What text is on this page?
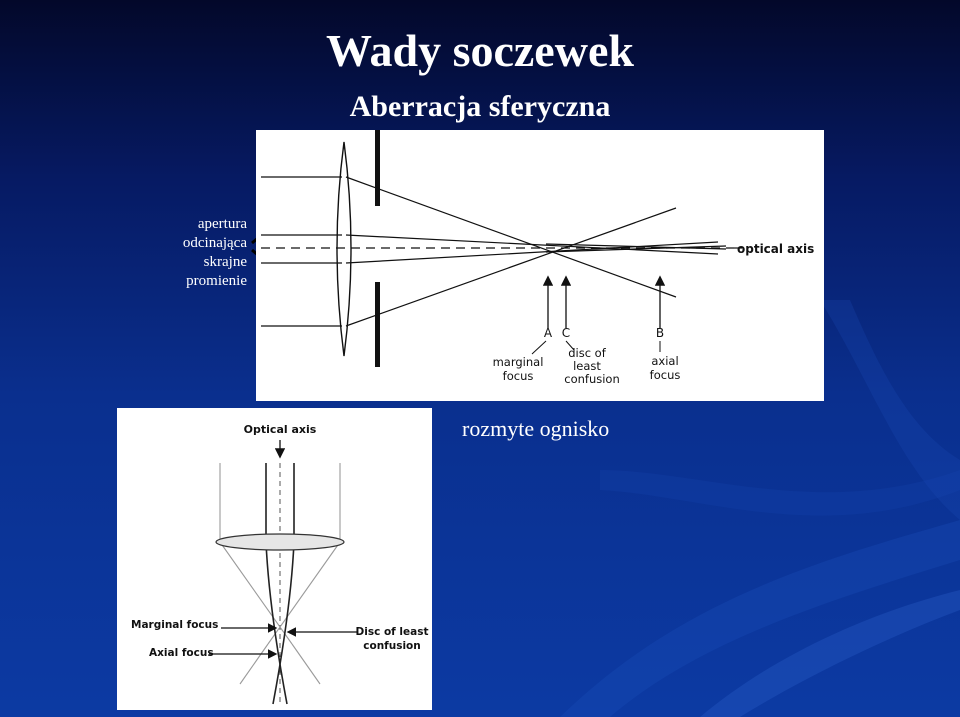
Wady soczewek
Aberracja sferyczna
apertura
odcinająca
skrajne
promienie
optical axis
A C	B
marginal
focus
disc of
least
confusion
axial
focus
Optical axis
Marginal focus
Axial focus
Disc of least
confusion
rozmyte ognisko
